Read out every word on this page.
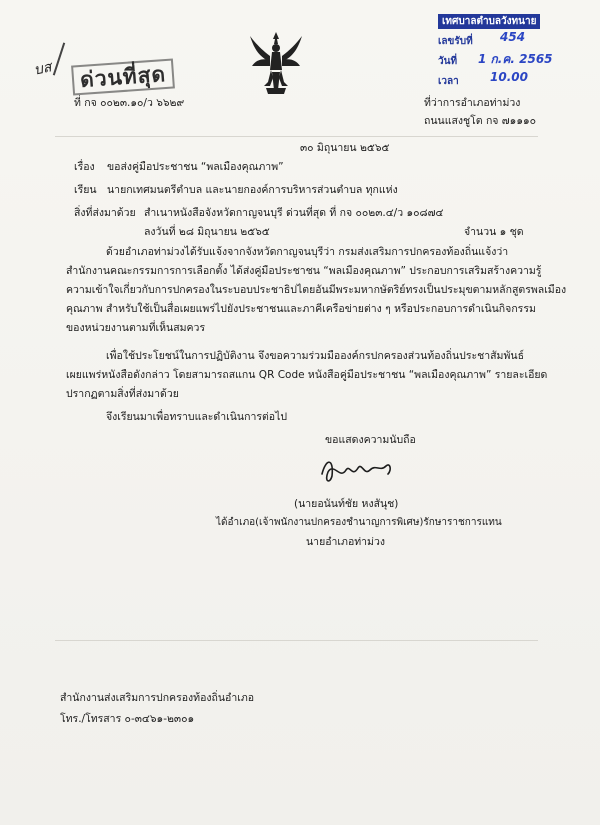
บส	ด่วนที่สุด
เทศบาลตำบลวังทนาย
เลขรับที่ 454
วันที่ 1 ก.ค. 2565
เวลา	10.00
ที่ กจ ๐๐๒๓.๑๐/ว ๖๖๒๙	ที่ว่าการอำเภอท่าม่วง
ถนนแสงชูโต กจ ๗๑๑๑๐
๓๐ มิถุนายน ๒๕๖๕
เรื่อง ขอส่งคู่มือประชาชน “พลเมืองคุณภาพ”
เรียน นายกเทศมนตรีตำบล และนายกองค์การบริหารส่วนตำบล ทุกแห่ง
สิ่งที่ส่งมาด้วย สำเนาหนังสือจังหวัดกาญจนบุรี ด่วนที่สุด ที่ กจ ๐๐๒๓.๔/ว ๑๐๘๗๔
ลงวันที่ ๒๘ มิถุนายน ๒๕๖๕	จำนวน ๑ ชุด
ด้วยอำเภอท่าม่วงได้รับแจ้งจากจังหวัดกาญจนบุรีว่า กรมส่งเสริมการปกครองท้องถิ่นแจ้งว่า
สำนักงานคณะกรรมการการเลือกตั้ง ได้ส่งคู่มือประชาชน “พลเมืองคุณภาพ” ประกอบการเสริมสร้างความรู้
ความเข้าใจเกี่ยวกับการปกครองในระบอบประชาธิปไตยอันมีพระมหากษัตริย์ทรงเป็นประมุขตามหลักสูตรพลเมือง
คุณภาพ สำหรับใช้เป็นสื่อเผยแพร่ไปยังประชาชนและภาคีเครือข่ายต่าง ๆ หรือประกอบการดำเนินกิจกรรม
ของหน่วยงานตามที่เห็นสมควร
เพื่อใช้ประโยชน์ในการปฏิบัติงาน จึงขอความร่วมมือองค์กรปกครองส่วนท้องถิ่นประชาสัมพันธ์
เผยแพร่หนังสือดังกล่าว โดยสามารถสแกน QR Code หนังสือคู่มือประชาชน “พลเมืองคุณภาพ” รายละเอียด
ปรากฏตามสิ่งที่ส่งมาด้วย
จึงเรียนมาเพื่อทราบและดำเนินการต่อไป
ขอแสดงความนับถือ
(นายอนันท์ชัย หงสันุช)
ได้อำเภอ(เจ้าพนักงานปกครองชำนาญการพิเศษ)รักษาราชการแทน
นายอำเภอท่าม่วง
สำนักงานส่งเสริมการปกครองท้องถิ่นอำเภอ
โทร./โทรสาร ๐-๓๔๖๑-๒๓๐๑
